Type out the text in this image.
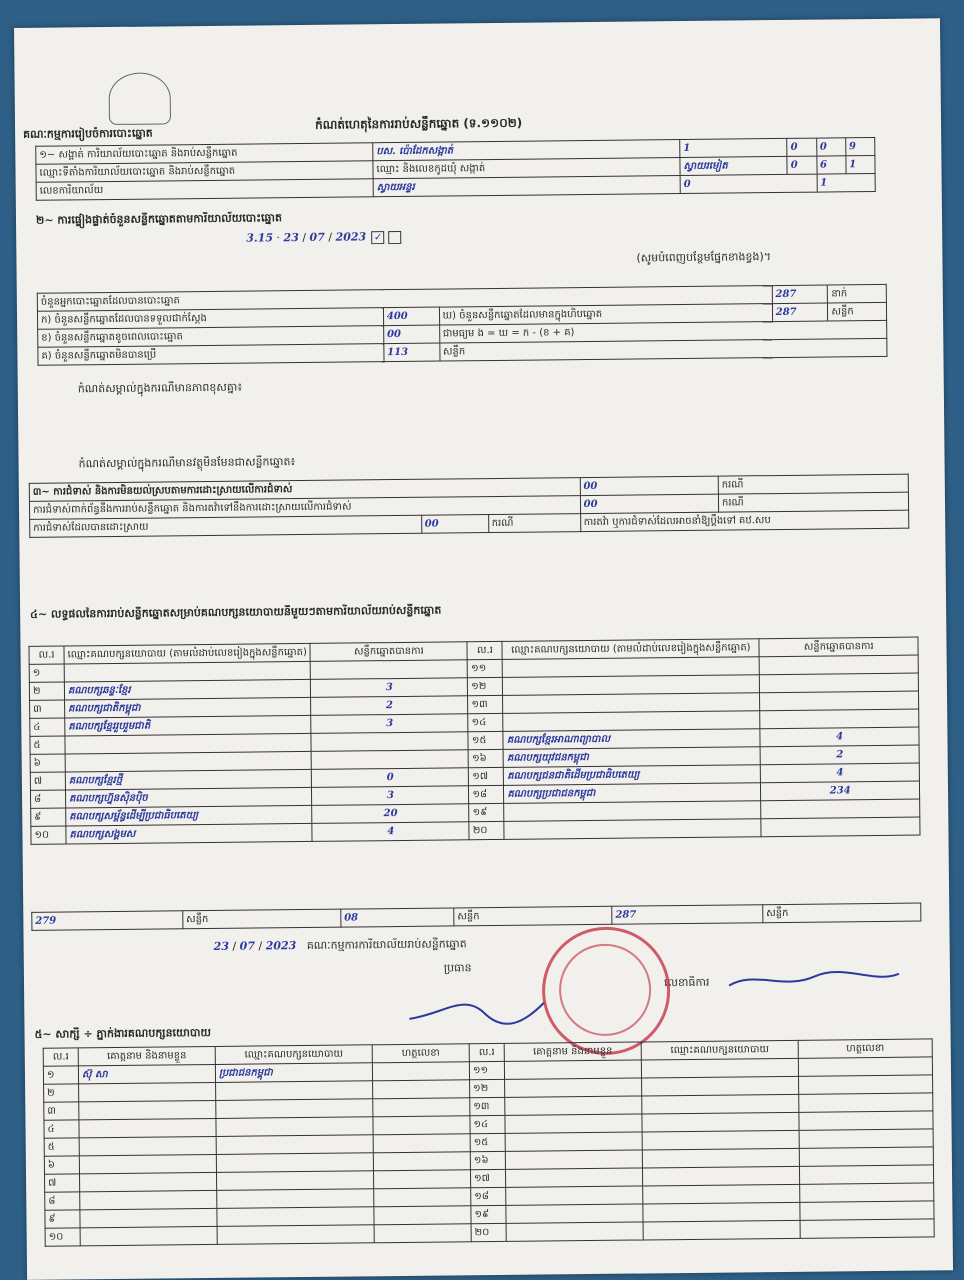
គណៈកម្មការរៀបចំការបោះឆ្នោត
កំណត់ហេតុនៃការរាប់សន្លឹកឆ្នោត (ទ.១១០២)
១~ សង្គាត់ ការិយាល័យបោះឆ្នោត និងរាប់សន្លឹកឆ្នោត	បស. ប៉ោដែកសង្កាត់	1	0	0	9
ឈ្មោះទីតាំងការិយាល័យបោះឆ្នោត និងរាប់សន្លឹកឆ្នោត	ឈ្មោះ និងលេខកូដឃុំ សង្កាត់	ស្វាយរមៀត	0	6	1
លេខការិយាល័យ	ស្វាយអន្ទរ	0		1	
២~ ការផ្ទៀងផ្ទាត់ចំនួនសន្លឹកឆ្នោតតាមការិយាល័យបោះឆ្នោត
3.15 · 23 / 07 / 2023 ✓
(សូមបំពេញបន្ថែមផ្នែកខាងខ្វង)។
ចំនួនអ្នកបោះឆ្នោតដែលបានបោះឆ្នោត			287	នាក់
ក) ចំនួនសន្លឹកឆ្នោតដែលបានទទួលជាក់ស្តែង	400	ឃ) ចំនួនសន្លឹកឆ្នោតដែលមានក្នុងហិបឆ្នោត	287	សន្លឹក
ខ) ចំនួនសន្លឹកឆ្នោតខូចពេលបោះឆ្នោត	00	ជាមធ្យម ង = ឃ = ក - (ខ + គ)		
គ) ចំនួនសន្លឹកឆ្នោតមិនបានប្រើ	113	សន្លឹក		
កំណត់សម្គាល់ក្នុងករណីមានភាពខុសគ្នា៖
កំណត់សម្គាល់ក្នុងករណីមានវត្ថុមិនមែនជាសន្លឹកឆ្នោត៖
៣~ ការជំទាស់ និងការមិនយល់ស្របតាមការដោះស្រាយលើការជំទាស់			00	ករណី
ការជំទាស់ពាក់ព័ន្ធនឹងការរាប់សន្លឹកឆ្នោត និងការតវ៉ាទៅនឹងការដោះស្រាយលើការជំទាស់			00	ករណី
ការជំទាស់ដែលបានដោះស្រាយ	00	ករណី	ការតវ៉ា ឬការជំទាស់ដែលអាចនាំឱ្យប្តឹងទៅ គឋ.សប	
៤~ លទ្ធផលនៃការរាប់សន្លឹកឆ្នោតសម្រាប់គណបក្សនយោបាយនីមួយៗតាមការិយាល័យរាប់សន្លឹកឆ្នោត
ល.រ	ឈ្មោះគណបក្សនយោបាយ (តាមលំដាប់លេខរៀងក្នុងសន្លឹកឆ្នោត)	សន្លឹកឆ្នោតបានការ	ល.រ	ឈ្មោះគណបក្សនយោបាយ (តាមលំដាប់លេខរៀងក្នុងសន្លឹកឆ្នោត)	សន្លឹកឆ្នោតបានការ
១			១១		
២	គណបក្សឆន្ទៈខ្មែរ	3	១២		
៣	គណបក្សជាតិកម្ពុជា	2	១៣		
៤	គណបក្សខ្មែររួបរួមជាតិ	3	១៤		
៥			១៥	គណបក្សខ្មែរអាណាព្យាបាល	4
៦			១៦	គណបក្សយុវជនកម្ពុជា	2
៧	គណបក្សខ្មែរថ្មី	0	១៧	គណបក្សជនជាតិដើមប្រជាធិបតេយ្យ	4
៨	គណបក្សហ្វ៊ុនស៊ិនប៉ិច	3	១៨	គណបក្សប្រជាជនកម្ពុជា	234
៩	គណបក្សសម្ព័ន្ធដើម្បីប្រជាធិបតេយ្យ	20	១៩		
១០	គណបក្សសង្គមស	4	២០		
279	សន្លឹក	08	សន្លឹក	287	សន្លឹក
23 / 07 / 2023 គណៈកម្មការការិយាល័យរាប់សន្លឹកឆ្នោត
ប្រធាន
លេខាធិការ
៥~ សាក្សី ÷ ភ្នាក់ងារគណបក្សនយោបាយ
ល.រ	គោត្តនាម និងនាមខ្លួន	ឈ្មោះគណបក្សនយោបាយ	ហត្ថលេខា	ល.រ	គោត្តនាម និងនាមខ្លួន	ឈ្មោះគណបក្សនយោបាយ	ហត្ថលេខា
១	ស៊ុ សា	ប្រជាជនកម្ពុជា		១១			
២				១២			
៣				១៣			
៤				១៤			
៥				១៥			
៦				១៦			
៧				១៧			
៨				១៨			
៩				១៩			
១០				២០			
